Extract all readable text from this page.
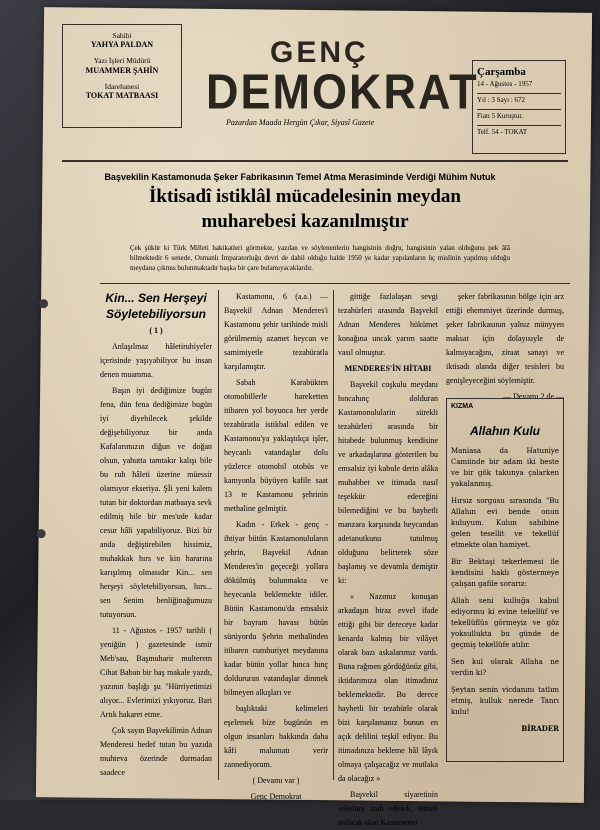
Sahibi
YAHYA PALDAN
Yazı İşleri Müdürü
MUAMMER ŞAHİN
İdarehanesi
TOKAT MATBAASI
GENÇ
DEMOKRAT
Pazardan Maada Hergün Çıkar, Siyasî Gazete
Çarşamba
14 - Ağustos - 1957
Yıl : 3 Sayı : 672
Fiatı 5 Kuruştur.
Telf. 54 - TOKAT
Başvekilin Kastamonuda Şeker Fabrikasının Temel Atma Merasiminde Verdiği Mühim Nutuk
İktisadî istiklâl mücadelesinin meydan muharebesi kazanılmıştır
Çek şükür ki Türk Milleti hakikatleri görmekte, yazılan ve söylenenlerin hangisinin doğru, hangisinin yalan olduğunu pek âlâ bilmektedir 6 senede, Osmanlı İmparatorluğu devri de dahil olduğu halde 1950 ye kadar yapılanların üç mislinin yapılmış olduğu meydana çıkmıs bulunmaktadır başka bir çare bulamıyacaklardır.
Kin... Sen Herşeyi Söyletebiliyorsun
( 1 )

Anlaşılmaz hâletiruhiyeler içerisinde yaşıyabiliyor bu insan denen muamma.

Başın iyi dediğimize bugün fena, dün fena dediğimize bugün iyi diyebilecek şekilde değişebiliyoruz bir anda Kafalarımızın diğun ve doğan olsun, yahutta tamtakır kalışı bile bu ruh hâleti üzerine müessir olamıyor ekseriya. Şİi yeni kalem tutan bir doktordan matbaaya sevk edilmiş bile bir mes'ude kadar cesur hâli yapabiliyoruz. Bizi bir anda değiştirebilen hissimiz, muhakkak hırs ve kin hararına karışılmış olmasıdır Kin... sen herşeyi söyletebiliyorsun, hırs... sen Senim benliğinağumuzu tutuyorsun.

11 - Ağustos - 1957 tarihli ( yeniğün ) gazetesinde ismir Meb'sau, Başmuharir multerem Cihat Baban bir baş makale yazdı, yazının başlığı şu "Hürriyetimizi alıyor... Evlerimizi yıkıyoruz. Bari Artık hakaret etme.

Çok sayın Başvekilimin Adnan Menderesi hedef tutan bu yazıda muhteva özerinde durmadan saadece

Kastamonu, 6 (a.a.) — Başvekil Adnan Menderes'i Kastamonu şehir tarihinde misli görülmemiş azamet heycan ve samimiyetle tezahüratla karşılamıştır.

Sabah Karabükten otomobillerle hareketten itibaren yol boyunca her yerde tezahüratla istikbal edilen ve Kastamonu'ya yaklaştıkça işler, heycanlı vatandaşlar dolu yüzlerce otomobil otobüs ve kamyonla büyüyen kafile saat 13 te Kastamonu şehrinin methaline gelmiştir.

Kadın - Erkek - genç - ihtiyar bütün Kastamonuluların şehrin, Başvekil Adnan Menderes'in geçeceği yollara dökülmüş bulunmakta ve heyecanla beklemekte idiler. Bütün Kastamonu'da emsalsiz bir bayram havası bütün sürüyordu Şehrin methalinden itibaren cumhuriyet meydanına kadar bütün yollar hınca hınç doldururan vatandaşlar dinmek bilmeyen alkışları ve

başlıktaki kelimeleri eşelemek bize bugünün en olgun insanları hakkında daha kâfi malumatı verir zannediyorum.

( Devamı var )
Genç Demokrat

gittiğe fazlalaşan sevgi tezahürleri arasında Başvekil Adnan Menderes hükümet konağına uncak yarım saatte vasıl olmuştur.

MENDERES'İN HİTABI

Başvekil coşkulu meydanı hıncahınç dolduran Kastamonulularin sürekli tezahürleri arasında bir hitabede bulunmuş kendisine ve arkadaşlarına gösterilen bu emsalsiz iyi kabule derin alâka muhabbet ve itimada nasıl teşekkür edeceğini bilemediğini ve bu hayhetli manzara karşısında heycandan adetanutkunu tutulmuş olduğunu belirterek söze başlamış ve devamla demiştir ki:

« Nazımız konuşan arkadaşın biraz evvel ifade ettiği gibi bir dereceye kadar kenarda kalmış bir vilâyet olarak bazı askalarımız vardı. Buna rağmen gördüğünüz gibi, iktidarımıza olan itimadınız beklemektedir. Bu derece hayhetli bir tezahürle olarak bizi karşılamanız bunun en açık delilini teşkil ediyor. Bu itimadınıza bekleme hâl lâyık olmaya çalışacağız ve mutlaka da olacağız »

Başvekil siyaretinin sebebini izah ederek, temeli atılacak olan Kastamonu

şeker fabrikasının bölge için arz ettiği ehemmiyet üzerinde durmuş, şeker fabrikasının yalnız münyyen maksat için dolayısıyle de kalmıyacağını, ziraat sanayi ve iktisadı alanda diğer tesisleri bu genişleyeceğini söylemiştir.

— Devamı 2 de —
KIZMA
Allahın Kulu

Maniasa da Hatuniye Camiinde bir adam iki beste ve bir gök takunya çalarken yakalanmış.

Hırsız sorgusu sırasında "Bu Allahın evi bende onun kuluyum. Kulun sahibine gelen tesellit ve tekellüf etmekte olan hamiyet.

Bir Bektaşi tekerlemesi ile kendisini haklı göstermeye çalışan gafile sorarız:

Allah seni kulluğa kabul ediyormu ki evine tekellüf ve tekellüflüs görmeyiz ve göz yoksullukta bu günde de geçmiş tekellüfe atılır.

Sen kul olarak Allaha ne verdin ki?

Şeytan senin vicdanını tatlım etmiş, kulluk nerede Tanrı kulu!

BİRADER
